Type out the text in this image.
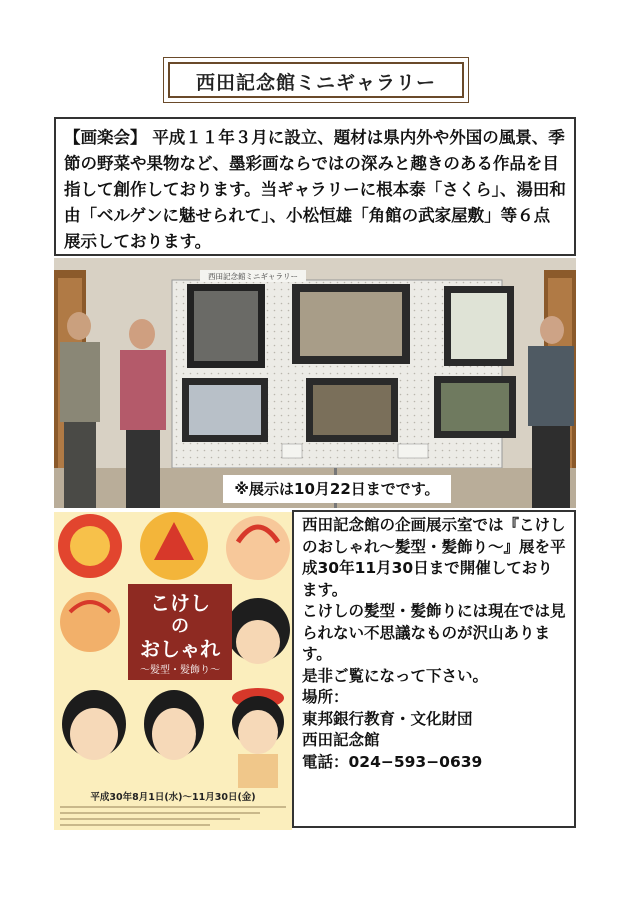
西田記念館ミニギャラリー
【画楽会】 平成１１年３月に設立、題材は県内外や外国の風景、季節の野菜や果物など、墨彩画ならではの深みと趣きのある作品を目指して創作しております。当ギャラリーに根本泰「さくら」、湯田和由「ベルゲンに魅せられて」、小松恒雄「角館の武家屋敷」等６点展示しております。
西田記念館ミニギャラリー
※展示は10月22日までです。
こけし
の
おしゃれ
〜髪型・髪飾り〜
平成30年8月1日(水)〜11月30日(金)

西田記念館の企画展示室では『こけしのおしゃれ〜髪型・髪飾り〜』展を平成30年11月30日まで開催しております。

こけしの髪型・髪飾りには現在では見られない不思議なものが沢山あります。

是非ご覧になって下さい。

場所：

東邦銀行教育・文化財団

西田記念館

電話：024−593−0639
